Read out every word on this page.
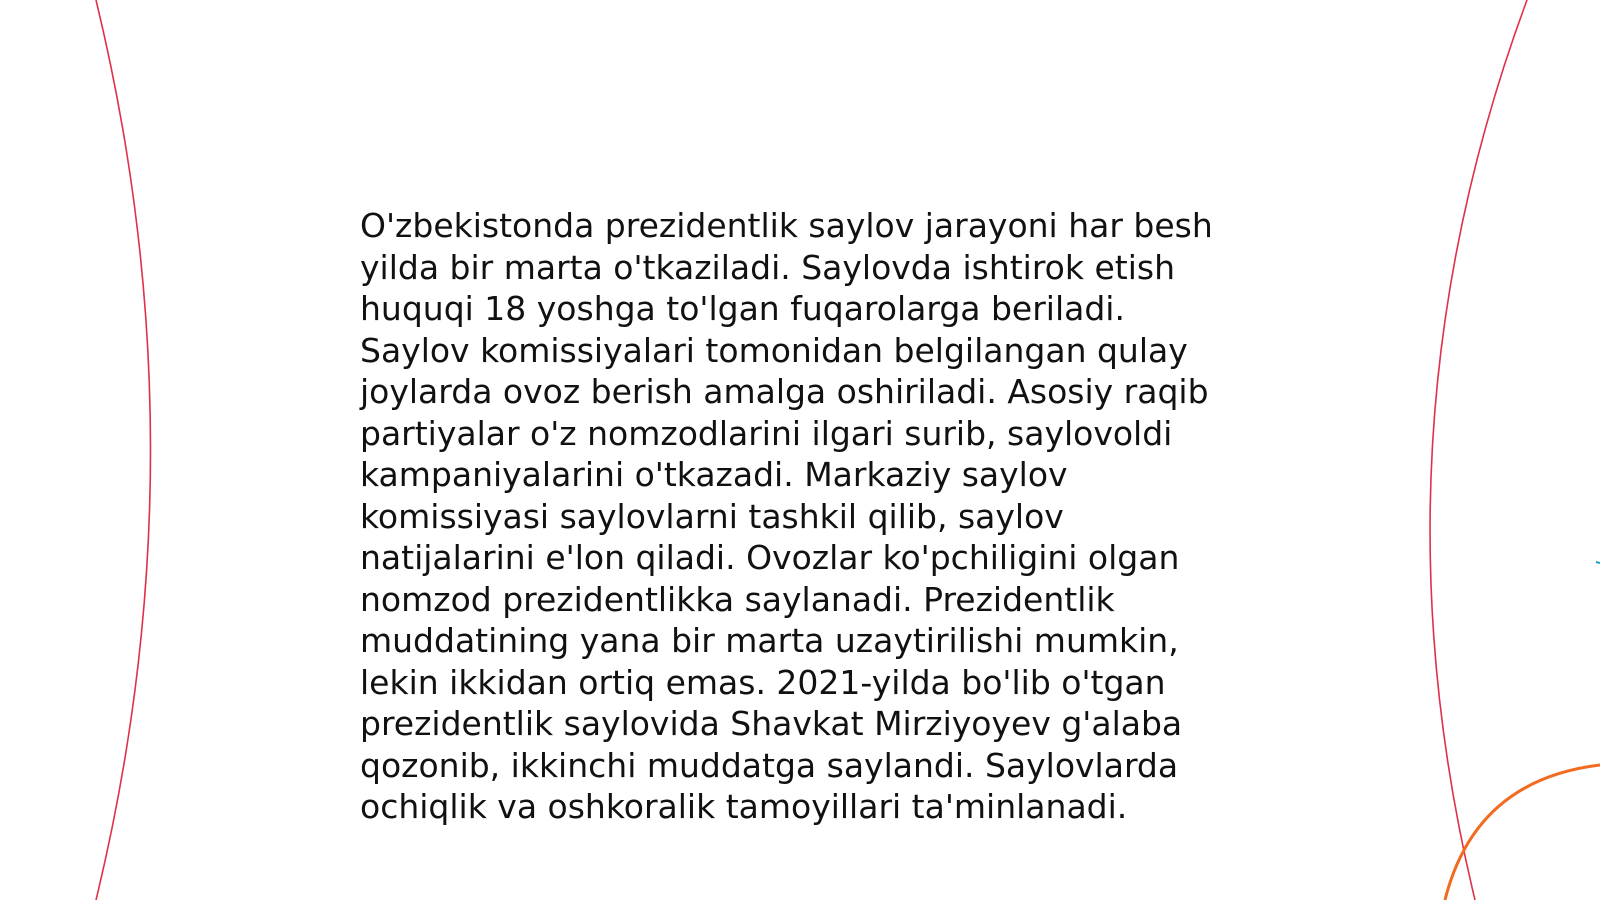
O'zbekistonda prezidentlik saylov jarayoni har besh yilda bir marta o'tkaziladi. Saylovda ishtirok etish huquqi 18 yoshga to'lgan fuqarolarga beriladi. Saylov komissiyalari tomonidan belgilangan qulay joylarda ovoz berish amalga oshiriladi. Asosiy raqib partiyalar o'z nomzodlarini ilgari surib, saylovoldi kampaniyalarini o'tkazadi. Markaziy saylov komissiyasi saylovlarni tashkil qilib, saylov natijalarini e'lon qiladi. Ovozlar ko'pchiligini olgan nomzod prezidentlikka saylanadi. Prezidentlik muddatining yana bir marta uzaytirilishi mumkin, lekin ikkidan ortiq emas. 2021-yilda bo'lib o'tgan prezidentlik saylovida Shavkat Mirziyoyev g'alaba qozonib, ikkinchi muddatga saylandi. Saylovlarda ochiqlik va oshkoralik tamoyillari ta'minlanadi.
